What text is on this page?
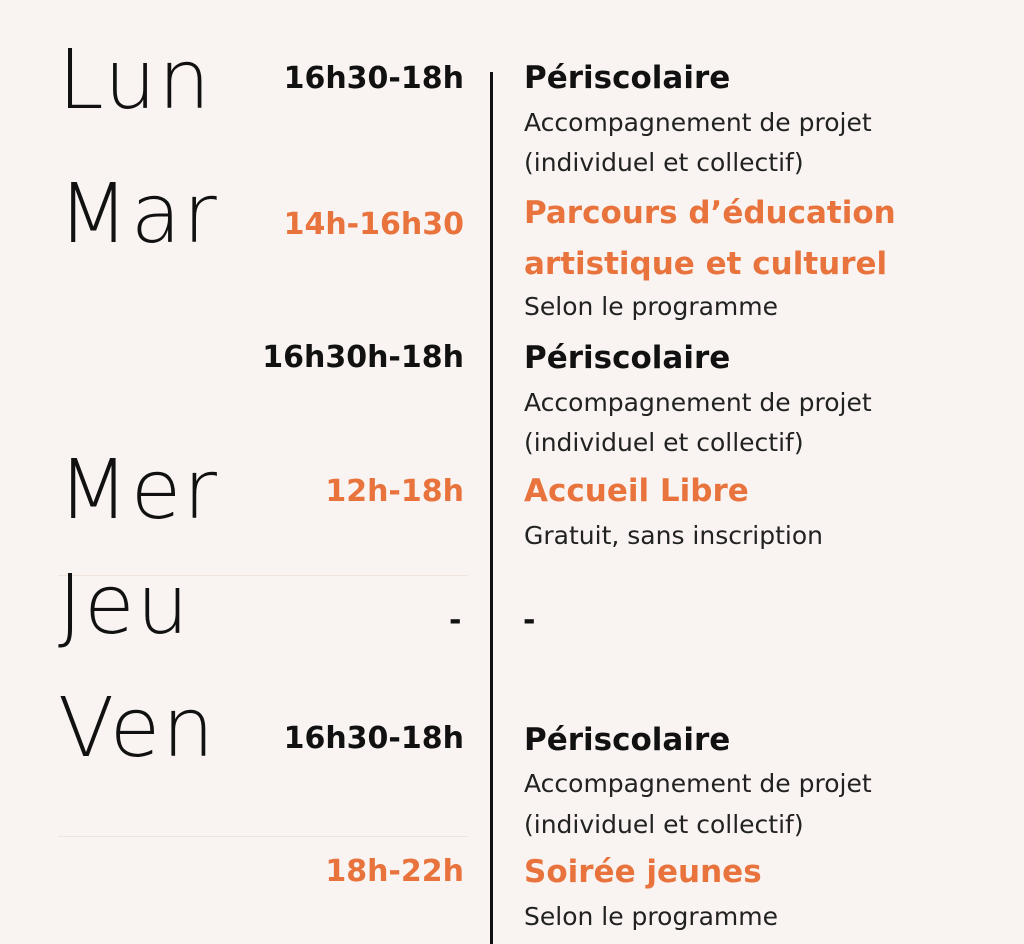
Lun 16h30-18h Périscolaire
Accompagnement de projet
(individuel et collectif)
Mar 14h-16h30 Parcours d’éducation
artistique et culturel
Selon le programme
16h30h-18h Périscolaire
Accompagnement de projet
(individuel et collectif)
Mer	12h-18h Accueil Libre
Gratuit, sans inscription
Jeu	- -
Ven 16h30-18h Périscolaire
Accompagnement de projet
(individuel et collectif)
18h-22h Soirée jeunes
Selon le programme
